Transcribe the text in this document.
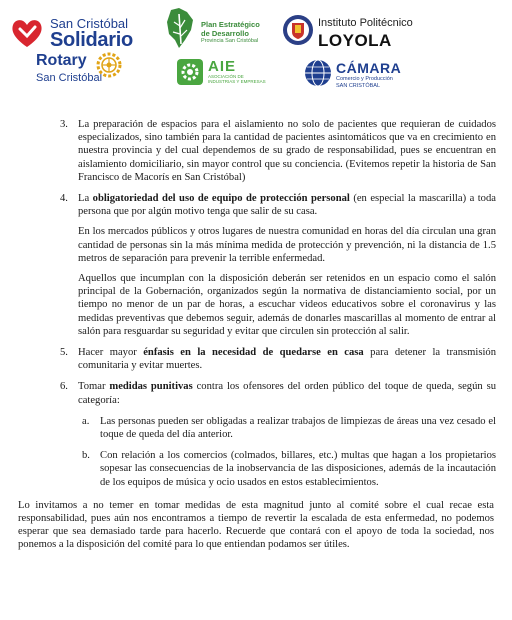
San Cristóbal
Solidario
Rotary
San Cristóbal
Plan Estratégico
de Desarrollo
Provincia San Cristóbal
AIE
ASOCIACIÓN DE INDUSTRIAS Y EMPRESAS
Instituto Politécnico
LOYOLA
CÁMARA
Comercio y Producción
SAN CRISTÓBAL
3. La preparación de espacios para el aislamiento no solo de pacientes que requieran de cuidados especializados, sino también para la cantidad de pacientes asintomáticos que va en crecimiento en nuestra provincia y del cual dependemos de su grado de responsabilidad, pues se encuentran en aislamiento domiciliario, sin mayor control que su conciencia. (Evitemos repetir la historia de San Francisco de Macorís en San Cristóbal)

4. La obligatoriedad del uso de equipo de protección personal (en especial la mascarilla) a toda persona que por algún motivo tenga que salir de su casa.

En los mercados públicos y otros lugares de nuestra comunidad en horas del día circulan una gran cantidad de personas sin la más mínima medida de protección y prevención, ni la distancia de 1.5 metros de separación para prevenir la terrible enfermedad.

Aquellos que incumplan con la disposición deberán ser retenidos en un espacio como el salón principal de la Gobernación, organizados según la normativa de distanciamiento social, por un tiempo no menor de un par de horas, a escuchar videos educativos sobre el coronavirus y las medidas preventivas que debemos seguir, además de donarles mascarillas al momento de entrar al salón para resguardar su seguridad y evitar que circulen sin protección al salir.

5. Hacer mayor énfasis en la necesidad de quedarse en casa para detener la transmisión comunitaria y evitar muertes.

6. Tomar medidas punitivas contra los ofensores del orden público del toque de queda, según su categoría:

a. Las personas pueden ser obligadas a realizar trabajos de limpiezas de áreas una vez cesado el toque de queda del día anterior.

b. Con relación a los comercios (colmados, billares, etc.) multas que hagan a los propietarios sopesar las consecuencias de la inobservancia de las disposiciones, además de la incautación de los equipos de música y ocio usados en estos establecimientos.

Lo invitamos a no temer en tomar medidas de esta magnitud junto al comité sobre el cual recae esta responsabilidad, pues aún nos encontramos a tiempo de revertir la escalada de esta enfermedad, no podemos esperar que sea demasiado tarde para hacerlo. Recuerde que contará con el apoyo de toda la sociedad, nos ponemos a la disposición del comité para lo que entiendan podamos ser útiles.
